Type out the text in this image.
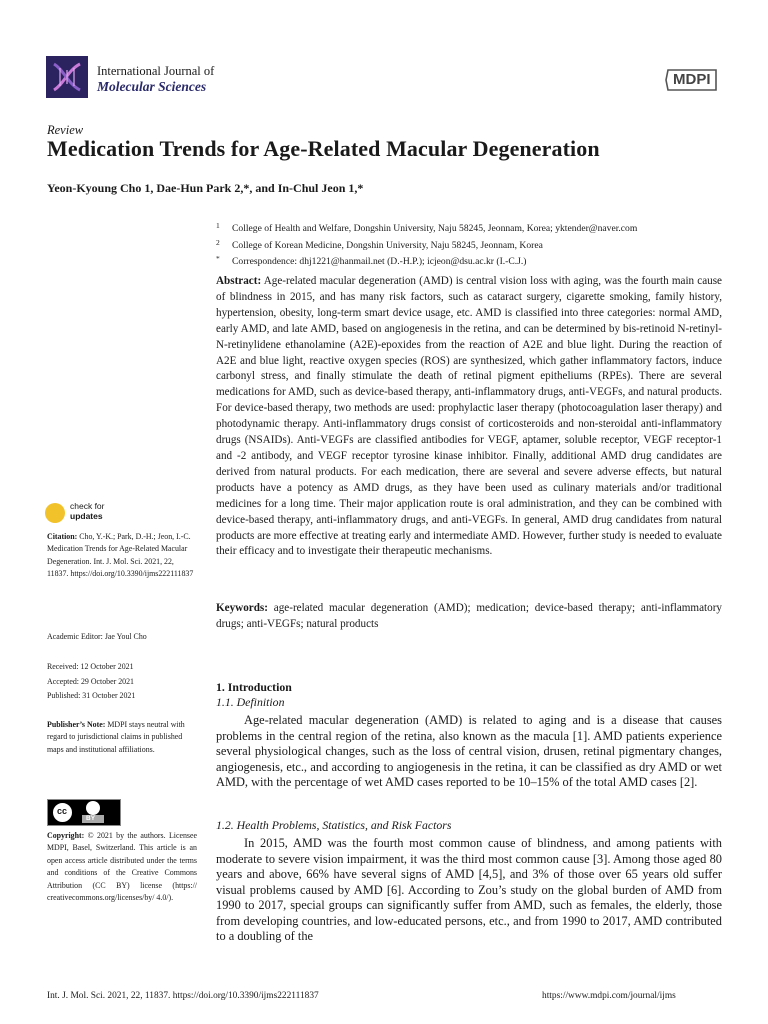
International Journal of
Molecular Sciences	MDPI
Review
Medication Trends for Age-Related Macular Degeneration
Yeon-Kyoung Cho 1, Dae-Hun Park 2,*, and In-Chul Jeon 1,*
1 College of Health and Welfare, Dongshin University, Naju 58245, Jeonnam, Korea; yktender@naver.com
2 College of Korean Medicine, Dongshin University, Naju 58245, Jeonnam, Korea
* Correspondence: dhj1221@hanmail.net (D.-H.P.); icjeon@dsu.ac.kr (I.-C.J.)
Abstract: Age-related macular degeneration (AMD) is central vision loss with aging, was the fourth main cause of blindness in 2015, and has many risk factors, such as cataract surgery, cigarette smoking, family history, hypertension, obesity, long-term smart device usage, etc. AMD is classified into three categories: normal AMD, early AMD, and late AMD, based on angiogenesis in the retina, and can be determined by bis-retinoid N-retinyl-N-retinylidene ethanolamine (A2E)-epoxides from the reaction of A2E and blue light. During the reaction of A2E and blue light, reactive oxygen species (ROS) are synthesized, which gather inflammatory factors, induce carbonyl stress, and finally stimulate the death of retinal pigment epitheliums (RPEs). There are several medications for AMD, such as device-based therapy, anti-inflammatory drugs, anti-VEGFs, and natural products. For device-based therapy, two methods are used: prophylactic laser therapy (photocoagulation laser therapy) and photodynamic therapy. Anti-inflammatory drugs consist of corticosteroids and non-steroidal anti-inflammatory drugs (NSAIDs). Anti-VEGFs are classified antibodies for VEGF, aptamer, soluble receptor, VEGF receptor-1 and -2 antibody, and VEGF receptor tyrosine kinase inhibitor. Finally, additional AMD drug candidates are derived from natural products. For each medication, there are several and severe adverse effects, but natural products have a potency as AMD drugs, as they have been used as culinary materials and/or traditional medicines for a long time. Their major application route is oral administration, and they can be combined with device-based therapy, anti-inflammatory drugs, and anti-VEGFs. In general, AMD drug candidates from natural products are more effective at treating early and intermediate AMD. However, further study is needed to evaluate their efficacy and to investigate their therapeutic mechanisms.
Keywords: age-related macular degeneration (AMD); medication; device-based therapy; anti-inflammatory drugs; anti-VEGFs; natural products
check for
updates
Citation: Cho, Y.-K.; Park, D.-H.; Jeon, I.-C. Medication Trends for Age-Related Macular Degeneration. Int. J. Mol. Sci. 2021, 22, 11837. https://doi.org/10.3390/ijms222111837
Academic Editor: Jae Youl Cho
Received: 12 October 2021
Accepted: 29 October 2021
Published: 31 October 2021
Publisher’s Note: MDPI stays neutral with regard to jurisdictional claims in published maps and institutional affiliations.
cc
BY
Copyright: © 2021 by the authors. Licensee MDPI, Basel, Switzerland. This article is an open access article distributed under the terms and conditions of the Creative Commons Attribution (CC BY) license (https:// creativecommons.org/licenses/by/ 4.0/).
1. Introduction
1.1. Definition
Age-related macular degeneration (AMD) is related to aging and is a disease that causes problems in the central region of the retina, also known as the macula [1]. AMD patients experience several physiological changes, such as the loss of central vision, drusen, retinal pigmentary changes, angiogenesis, etc., and according to angiogenesis in the retina, it can be classified as dry AMD or wet AMD, with the percentage of wet AMD cases reported to be 10–15% of the total AMD cases [2].
1.2. Health Problems, Statistics, and Risk Factors
In 2015, AMD was the fourth most common cause of blindness, and among patients with moderate to severe vision impairment, it was the third most common cause [3]. Among those aged 80 years and above, 66% have several signs of AMD [4,5], and 3% of those over 65 years old suffer visual problems caused by AMD [6]. According to Zou’s study on the global burden of AMD from 1990 to 2017, special groups can significantly suffer from AMD, such as females, the elderly, those from developing countries, and low-educated persons, etc., and from 1990 to 2017, AMD contributed to a doubling of the
Int. J. Mol. Sci. 2021, 22, 11837. https://doi.org/10.3390/ijms222111837	https://www.mdpi.com/journal/ijms
